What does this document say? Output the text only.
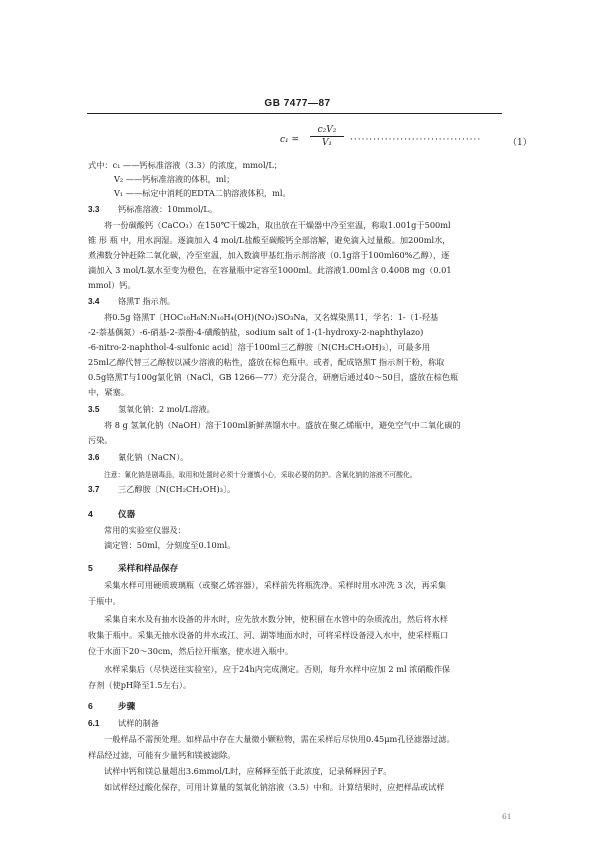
GB 7477—87
$c_1 = \frac{\text{c₂V₂}}{\text{V₁}}$ ··································	（1）
式中：c₁ ——钙标准溶液（3.3）的浓度，mmol/L；
V₂ ——钙标准溶液的体积，ml；
V₁ ——标定中消耗的EDTA二钠溶液体积，ml。
3.3 钙标准溶液：10mmol/L。
将一份碳酸钙（CaCO₃）在150℃干燥2h，取出放在干燥器中冷至室温，称取1.001g于500ml
锥 形 瓶 中，用水润湿。逐滴加入 4 mol/L盐酸至碳酸钙全部溶解，避免滴入过量酸。加200ml水，
煮沸数分钟赶除二氧化碳，冷至室温，加入数滴甲基红指示剂溶液（0.1g溶于100ml60%乙醇），逐
滴加入 3 mol/L氨水至变为橙色，在容量瓶中定容至1000ml。此溶液1.00ml含 0.4008 mg（0.01
mmol）钙。
3.4 铬黑T 指示剂。
将0.5g 铬黑T〔HOC₁₀H₆N:N₁₀H₄(OH)(NO₂)SO₃Na，又名媒染黑11，学名：1-（1-羟基
-2-萘基偶氮）-6-硝基-2-萘酚-4-磺酸钠盐，sodium salt of 1-(1-hydroxy-2-naphthylazo)
-6-nitro-2-naphthol-4-sulfonic acid〕溶于100ml三乙醇胺〔N(CH₂CH₂OH)₃〕，可最多用
25ml乙醇代替三乙醇胺以减少溶液的粘性，盛放在棕色瓶中。或者，配成铬黑T 指示剂干粉，称取
0.5g铬黑T与100g氯化钠（NaCl，GB 1266—77）充分混合，研磨后通过40～50目，盛放在棕色瓶
中，紧塞。
3.5 氢氧化钠：2 mol/L溶液。
将 8 g 氢氧化钠（NaOH）溶于100ml新鲜蒸馏水中。盛放在聚乙烯瓶中，避免空气中二氧化碳的
污染。
3.6 氰化钠（NaCN）。
注意：氰化钠是剧毒品，取用和处置时必须十分谨慎小心，采取必要的防护。含氰化钠的溶液不可酸化。
3.7 三乙醇胺〔N(CH₂CH₂OH)₃〕。
4	仪器
常用的实验室仪器及：
滴定管：50ml，分刻度至0.10ml。
5	采样和样品保存
采集水样可用硬质玻璃瓶（或聚乙烯容器），采样前先将瓶洗净。采样时用水冲洗 3 次，再采集
于瓶中。
采集自来水及有抽水设备的井水时，应先放水数分钟，使积留在水管中的杂质流出，然后将水样
收集于瓶中。采集无抽水设备的井水或江、河、湖等地面水时，可将采样设备浸入水中，使采样瓶口
位于水面下20～30cm，然后拉开瓶塞，使水进入瓶中。
水样采集后（尽快送往实验室），应于24h内完成测定。否则，每升水样中应加 2 ml 浓硝酸作保
存剂（使pH降至1.5左右）。
6	步骤
6.1 试样的制备
一般样品不需预处理。如样品中存在大量微小颗粒物，需在采样后尽快用0.45μm孔径滤器过滤。
样品经过滤，可能有少量钙和镁被滤除。
试样中钙和镁总量超出3.6mmol/L时，应稀释至低于此浓度，记录稀释因子F。
如试样经过酸化保存，可用计算量的氢氧化钠溶液（3.5）中和。计算结果时，应把样品或试样
61
